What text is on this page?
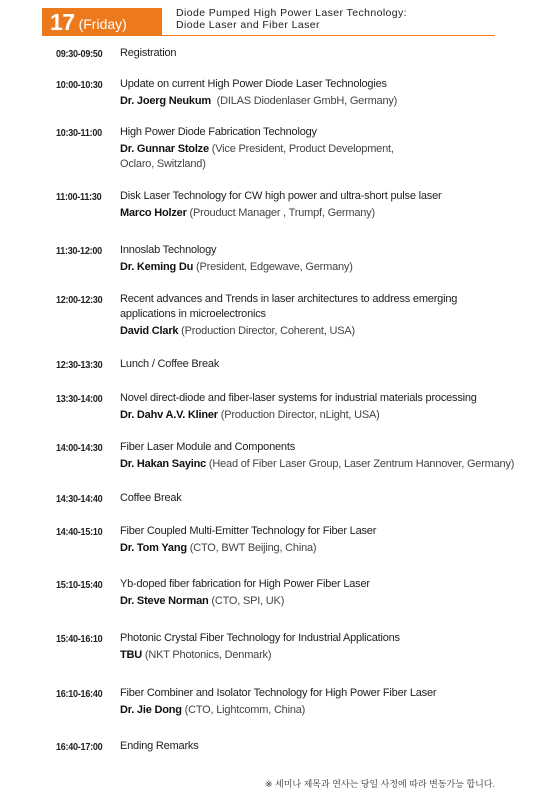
17 (Friday)
Diode Pumped High Power Laser Technology:
Diode Laser and Fiber Laser
09:30-09:50	Registration
10:00-10:30	Update on current High Power Diode Laser Technologies
Dr. Joerg Neukum  (DILAS Diodenlaser GmbH, Germany)
10:30-11:00	High Power Diode Fabrication Technology
Dr. Gunnar Stolze (Vice President, Product Development,
Oclaro, Switzland)
11:00-11:30	Disk Laser Technology for CW high power and ultra-short pulse laser
Marco Holzer (Prouduct Manager , Trumpf, Germany)
11:30-12:00	Innoslab Technology
Dr. Keming Du (President, Edgewave, Germany)
12:00-12:30	Recent advances and Trends in laser architectures to address emerging
applications in microelectronics
David Clark (Production Director, Coherent, USA)
12:30-13:30	Lunch / Coffee Break
13:30-14:00	Novel direct-diode and fiber-laser systems for industrial materials processing
Dr. Dahv A.V. Kliner (Production Director, nLight, USA)
14:00-14:30	Fiber Laser Module and Components
Dr. Hakan Sayinc (Head of Fiber Laser Group, Laser Zentrum Hannover, Germany)
14:30-14:40	Coffee Break
14:40-15:10	Fiber Coupled Multi-Emitter Technology for Fiber Laser
Dr. Tom Yang (CTO, BWT Beijing, China)
15:10-15:40	Yb-doped fiber fabrication for High Power Fiber Laser
Dr. Steve Norman (CTO, SPI, UK)
15:40-16:10	Photonic Crystal Fiber Technology for Industrial Applications
TBU (NKT Photonics, Denmark)
16:10-16:40	Fiber Combiner and Isolator Technology for High Power Fiber Laser
Dr. Jie Dong (CTO, Lightcomm, China)
16:40-17:00	Ending Remarks
※ 세미나 제목과 연사는 당일 사정에 따라 변동가능 합니다.
